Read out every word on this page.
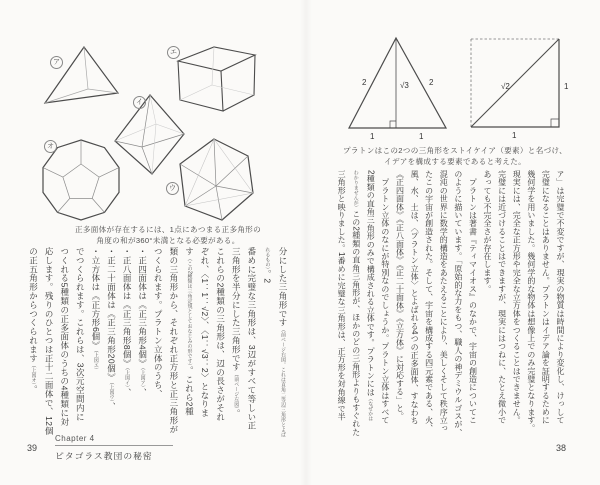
ア
エ
イ
オ
ウ
正多面体が存在するには、1点にあつまる正多角形の
角度の和が360°未満となる必要がある。
分にした三角形です（前ページ右図。これは直角二等辺三角形とよばれるもの）。2
番めに完璧な三角形は、3辺がすべて等しい正
三角形を半分にした三角形です（前ページ左図）。
これらの2種類の三角形は、辺の長さがそれ
ぞれ、〈1：1：√2〉、〈1：√3：2〉となりま
す（この2種類は三角定規としておなじみの形です）。これら2種
類の三角形から、それぞれ正方形と正三角形が
つくられます。プラトン立体のうち、
・正四面体は《正三角形4個》（上図ア）、
・正八面体は《正三角形8個》（上図イ）、
・正二十面体は《正三角形20個》（上図ウ）、
・立方体は《正方形6個》（上図エ）
でつくられます。これらは、3次元空間内に
つくれる5種類の正多面体のうちの4種類に対
応します。残りのひとつは正十二面体で、12個
の正五角形からつくられます（上図オ）。
39
Chapter 4
ピタゴラス教団の秘密
2	√3	2
1	1
√2	1
1
プラトンはこの2つの三角形をストイケイア（要素）と名づけ、
イデアを構成する要素であると考えた。
ア」は完璧で不変ですが、現実の物質は時間により変化し、けっして
完璧になることはありません。プラトンはイデア論を証明するために
幾何学を用いました。幾何学的な物体は想像上でのみ完璧となります。
現実には、完全な正方形や完全な立方体をつくることはできません。
完璧には近づけることはできますが、現実にはつねに、たとえ微小で
あっても不完全さが存在します。
　プラトンは著書『ティマイオス』のなかで、宇宙の創造についてこ
のように描いています。「原始的な力をもつ、職人の神デミウルゴスが、
混沌の世界に数学的構造をあたえることにより、美しくそして秩序立っ
たこの宇宙が創造された。そして、宇宙を構成する四元素である、火、
風、水、土は、〈プラトン立体〉とよばれる4つの正多面体、すなわち
《正四面体》《正八面体》《正二十面体》《立方体》に対応する」と。
　プラトン立体のなにが特別なのでしょうか。プラトン立体はすべて
2種類の直角三角形のみで構成される立体です。プラトンには（なぜかは
わかりませんが）この2種類の直角三角形が、ほかのどの三角形よりもすぐれた
三角形と映りました。1番めに完璧な三角形は、正方形を対角線で半
38
